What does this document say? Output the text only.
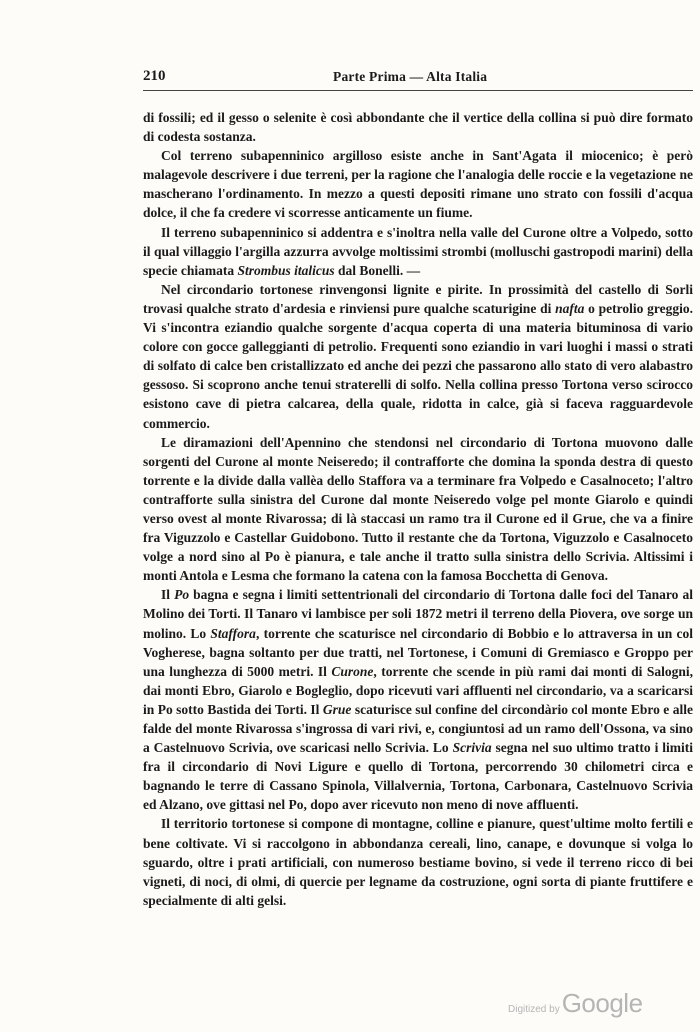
210	Parte Prima — Alta Italia

di fossili; ed il gesso o selenite è così abbondante che il vertice della collina si può dire formato di codesta sostanza.

Col terreno subapenninico argilloso esiste anche in Sant'Agata il miocenico; è però malagevole descrivere i due terreni, per la ragione che l'analogia delle roccie e la vegetazione ne mascherano l'ordinamento. In mezzo a questi depositi rimane uno strato con fossili d'acqua dolce, il che fa credere vi scorresse anticamente un fiume.

Il terreno subapenninico si addentra e s'inoltra nella valle del Curone oltre a Volpedo, sotto il qual villaggio l'argilla azzurra avvolge moltissimi strombi (molluschi gastropodi marini) della specie chiamata Strombus italicus dal Bonelli. —

Nel circondario tortonese rinvengonsi lignite e pirite. In prossimità del castello di Sorli trovasi qualche strato d'ardesia e rinviensi pure qualche scaturigine di nafta o petrolio greggio. Vi s'incontra eziandio qualche sorgente d'acqua coperta di una materia bituminosa di vario colore con gocce galleggianti di petrolio. Frequenti sono eziandio in vari luoghi i massi o strati di solfato di calce ben cristallizzato ed anche dei pezzi che passarono allo stato di vero alabastro gessoso. Si scoprono anche tenui straterelli di solfo. Nella collina presso Tortona verso scirocco esistono cave di pietra calcarea, della quale, ridotta in calce, già si faceva ragguardevole commercio.

Le diramazioni dell'Apennino che stendonsi nel circondario di Tortona muovono dalle sorgenti del Curone al monte Neiseredo; il contrafforte che domina la sponda destra di questo torrente e la divide dalla vallèa dello Staffora va a terminare fra Volpedo e Casalnoceto; l'altro contrafforte sulla sinistra del Curone dal monte Neiseredo volge pel monte Giarolo e quindi verso ovest al monte Rivarossa; di là staccasi un ramo tra il Curone ed il Grue, che va a finire fra Viguzzolo e Castellar Guidobono. Tutto il restante che da Tortona, Viguzzolo e Casalnoceto volge a nord sino al Po è pianura, e tale anche il tratto sulla sinistra dello Scrivia. Altissimi i monti Antola e Lesma che formano la catena con la famosa Bocchetta di Genova.

Il Po bagna e segna i limiti settentrionali del circondario di Tortona dalle foci del Tanaro al Molino dei Torti. Il Tanaro vi lambisce per soli 1872 metri il terreno della Piovera, ove sorge un molino. Lo Staffora, torrente che scaturisce nel circondario di Bobbio e lo attraversa in un col Vogherese, bagna soltanto per due tratti, nel Tortonese, i Comuni di Gremiasco e Groppo per una lunghezza di 5000 metri. Il Curone, torrente che scende in più rami dai monti di Salogni, dai monti Ebro, Giarolo e Bogleglio, dopo ricevuti vari affluenti nel circondario, va a scaricarsi in Po sotto Bastida dei Torti. Il Grue scaturisce sul confine del circondàrio col monte Ebro e alle falde del monte Rivarossa s'ingrossa di vari rivi, e, congiuntosi ad un ramo dell'Ossona, va sino a Castelnuovo Scrivia, ove scaricasi nello Scrivia. Lo Scrivia segna nel suo ultimo tratto i limiti fra il circondario di Novi Ligure e quello di Tortona, percorrendo 30 chilometri circa e bagnando le terre di Cassano Spinola, Villalvernia, Tortona, Carbonara, Castelnuovo Scrivia ed Alzano, ove gittasi nel Po, dopo aver ricevuto non meno di nove affluenti.

Il territorio tortonese si compone di montagne, colline e pianure, quest'ultime molto fertili e bene coltivate. Vi si raccolgono in abbondanza cereali, lino, canape, e dovunque si volga lo sguardo, oltre i prati artificiali, con numeroso bestiame bovino, si vede il terreno ricco di bei vigneti, di noci, di olmi, di quercie per legname da costruzione, ogni sorta di piante fruttifere e specialmente di alti gelsi.

Digitized by Google
